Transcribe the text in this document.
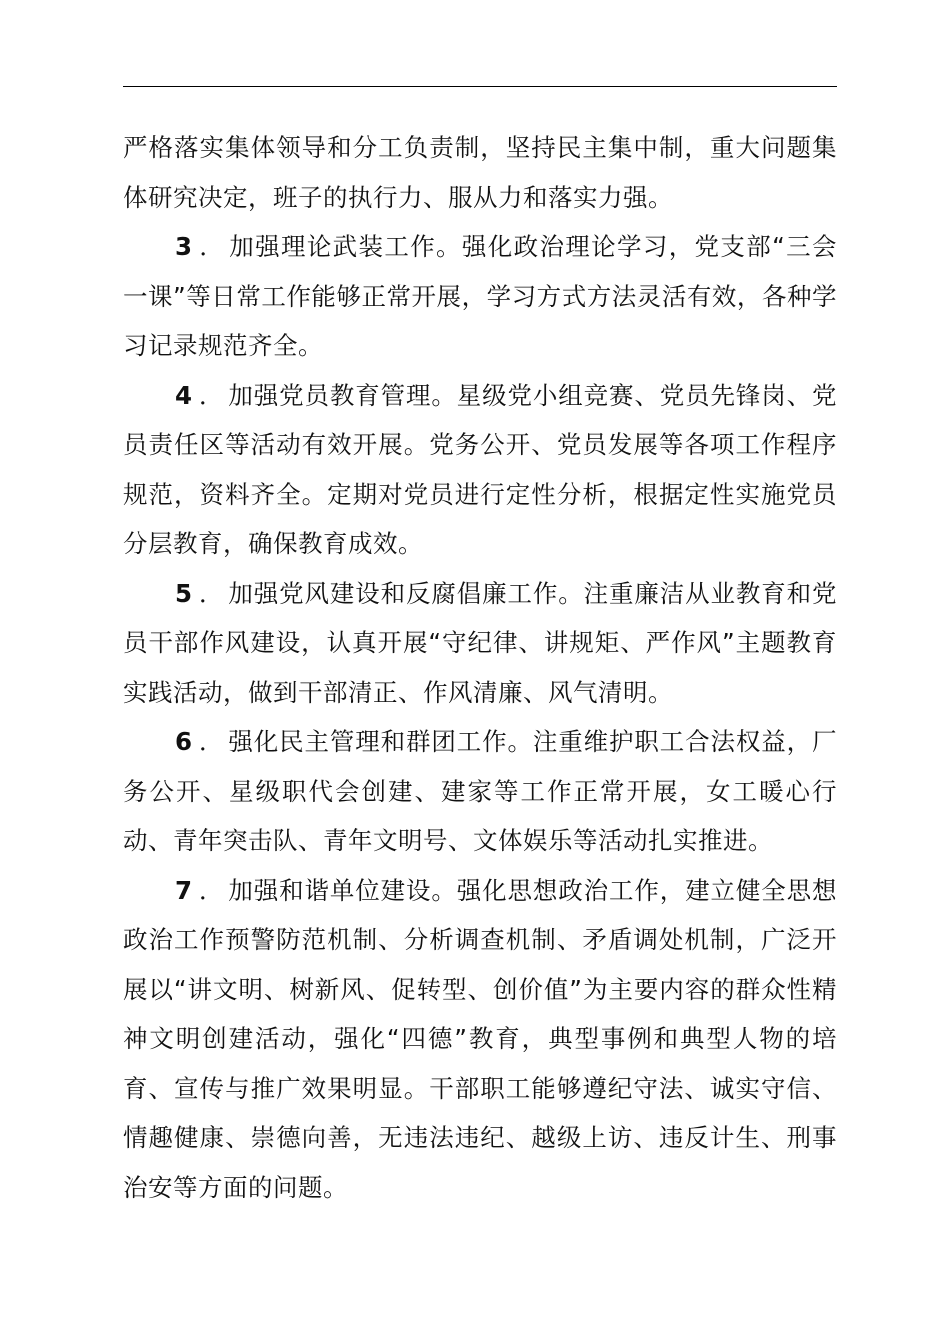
严格落实集体领导和分工负责制，坚持民主集中制，重大问题集体研究决定，班子的执行力、服从力和落实力强。

3 ． 加强理论武装工作。强化政治理论学习，党支部“三会一课”等日常工作能够正常开展，学习方式方法灵活有效，各种学习记录规范齐全。

4 ． 加强党员教育管理。星级党小组竞赛、党员先锋岗、党员责任区等活动有效开展。党务公开、党员发展等各项工作程序规范，资料齐全。定期对党员进行定性分析，根据定性实施党员分层教育，确保教育成效。

5 ． 加强党风建设和反腐倡廉工作。注重廉洁从业教育和党员干部作风建设，认真开展“守纪律、讲规矩、严作风”主题教育实践活动，做到干部清正、作风清廉、风气清明。

6 ． 强化民主管理和群团工作。注重维护职工合法权益，厂务公开、星级职代会创建、建家等工作正常开展，女工暖心行动、青年突击队、青年文明号、文体娱乐等活动扎实推进。

7 ． 加强和谐单位建设。强化思想政治工作，建立健全思想政治工作预警防范机制、分析调查机制、矛盾调处机制，广泛开展以“讲文明、树新风、促转型、创价值”为主要内容的群众性精神文明创建活动，强化“四德”教育，典型事例和典型人物的培育、宣传与推广效果明显。干部职工能够遵纪守法、诚实守信、情趣健康、崇德向善，无违法违纪、越级上访、违反计生、刑事治安等方面的问题。
